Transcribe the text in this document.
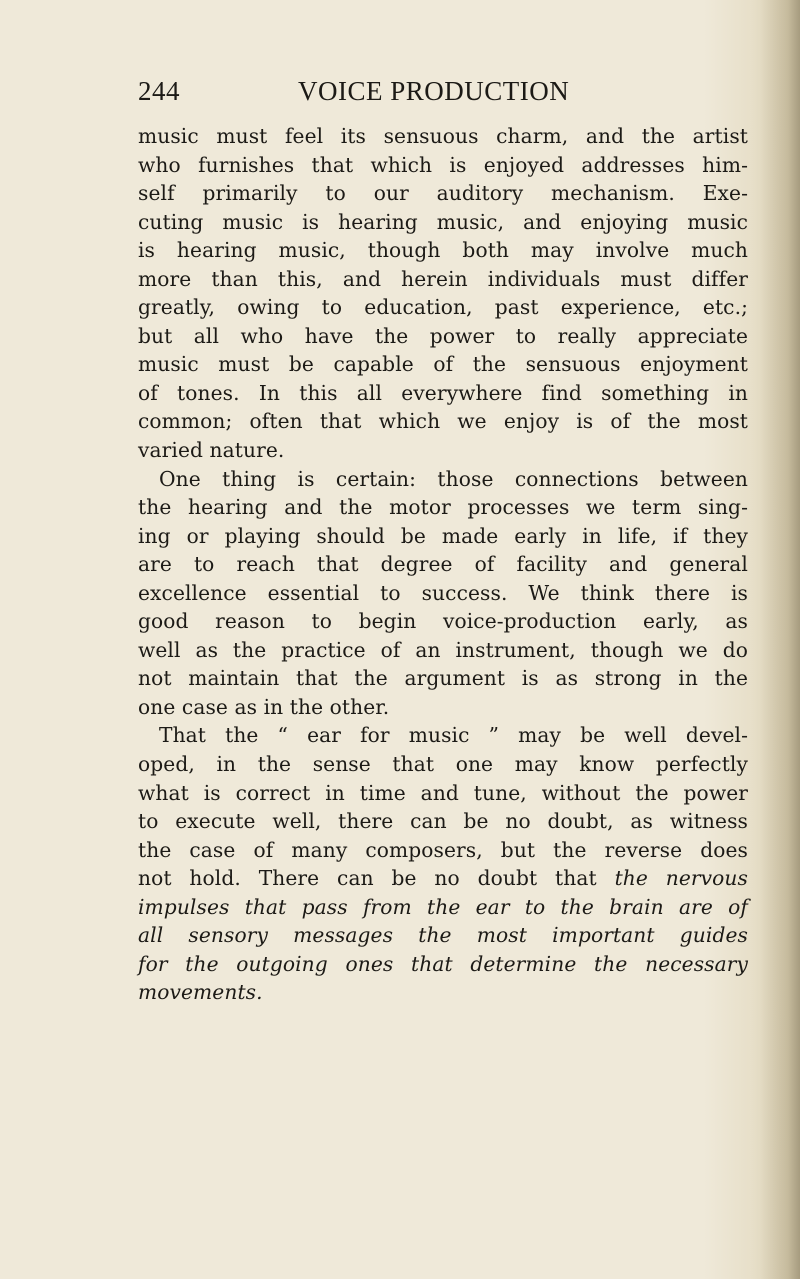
244	VOICE PRODUCTION
music must feel its sensuous charm, and the artist
who furnishes that which is enjoyed addresses him-
self primarily to our auditory mechanism. Exe-
cuting music is hearing music, and enjoying music
is hearing music, though both may involve much
more than this, and herein individuals must differ
greatly, owing to education, past experience, etc.;
but all who have the power to really appreciate
music must be capable of the sensuous enjoyment
of tones. In this all everywhere find something in
common; often that which we enjoy is of the most
varied nature.
One thing is certain: those connections between
the hearing and the motor processes we term sing-
ing or playing should be made early in life, if they
are to reach that degree of facility and general
excellence essential to success. We think there is
good reason to begin voice-production early, as
well as the practice of an instrument, though we do
not maintain that the argument is as strong in the
one case as in the other.
That the “ ear for music ” may be well devel-
oped, in the sense that one may know perfectly
what is correct in time and tune, without the power
to execute well, there can be no doubt, as witness
the case of many composers, but the reverse does
not hold. There can be no doubt that the nervous
impulses that pass from the ear to the brain are of
all sensory messages the most important guides
for the outgoing ones that determine the necessary
movements.
